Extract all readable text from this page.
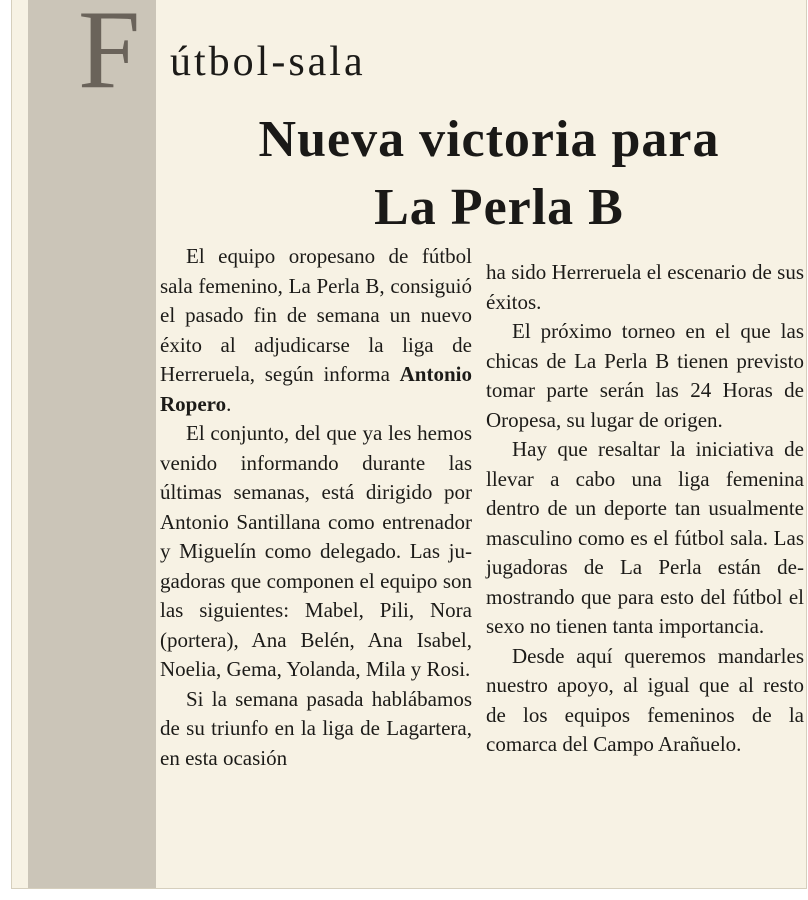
F útbol-sala
Nueva victoria para
La Perla B

El equipo oropesano de fútbol sala femenino, La Perla B, consiguió el pasado fin de semana un nuevo éxito al adjudicarse la liga de Herreruela, según informa Antonio Ropero.

El conjunto, del que ya les hemos venido informando durante las últimas semanas, está dirigido por Antonio Santillana como entrenador y Miguelín como delegado. Las jugadoras que componen el equipo son las siguientes: Mabel, Pili, Nora (portera), Ana Belén, Ana Isabel, Noelia, Gema, Yolanda, Mila y Rosi.

Si la semana pasada hablábamos de su triunfo en la liga de Lagartera, en esta ocasión

ha sido Herreruela el escenario de sus éxitos.

El próximo torneo en el que las chicas de La Perla B tienen previsto tomar parte serán las 24 Horas de Oropesa, su lugar de origen.

Hay que resaltar la iniciativa de llevar a cabo una liga femenina dentro de un deporte tan usualmente masculino como es el fútbol sala. Las jugadoras de La Perla están demostrando que para esto del fútbol el sexo no tienen tanta importancia.

Desde aquí queremos mandarles nuestro apoyo, al igual que al resto de los equipos femeninos de la comarca del Campo Arañuelo.
